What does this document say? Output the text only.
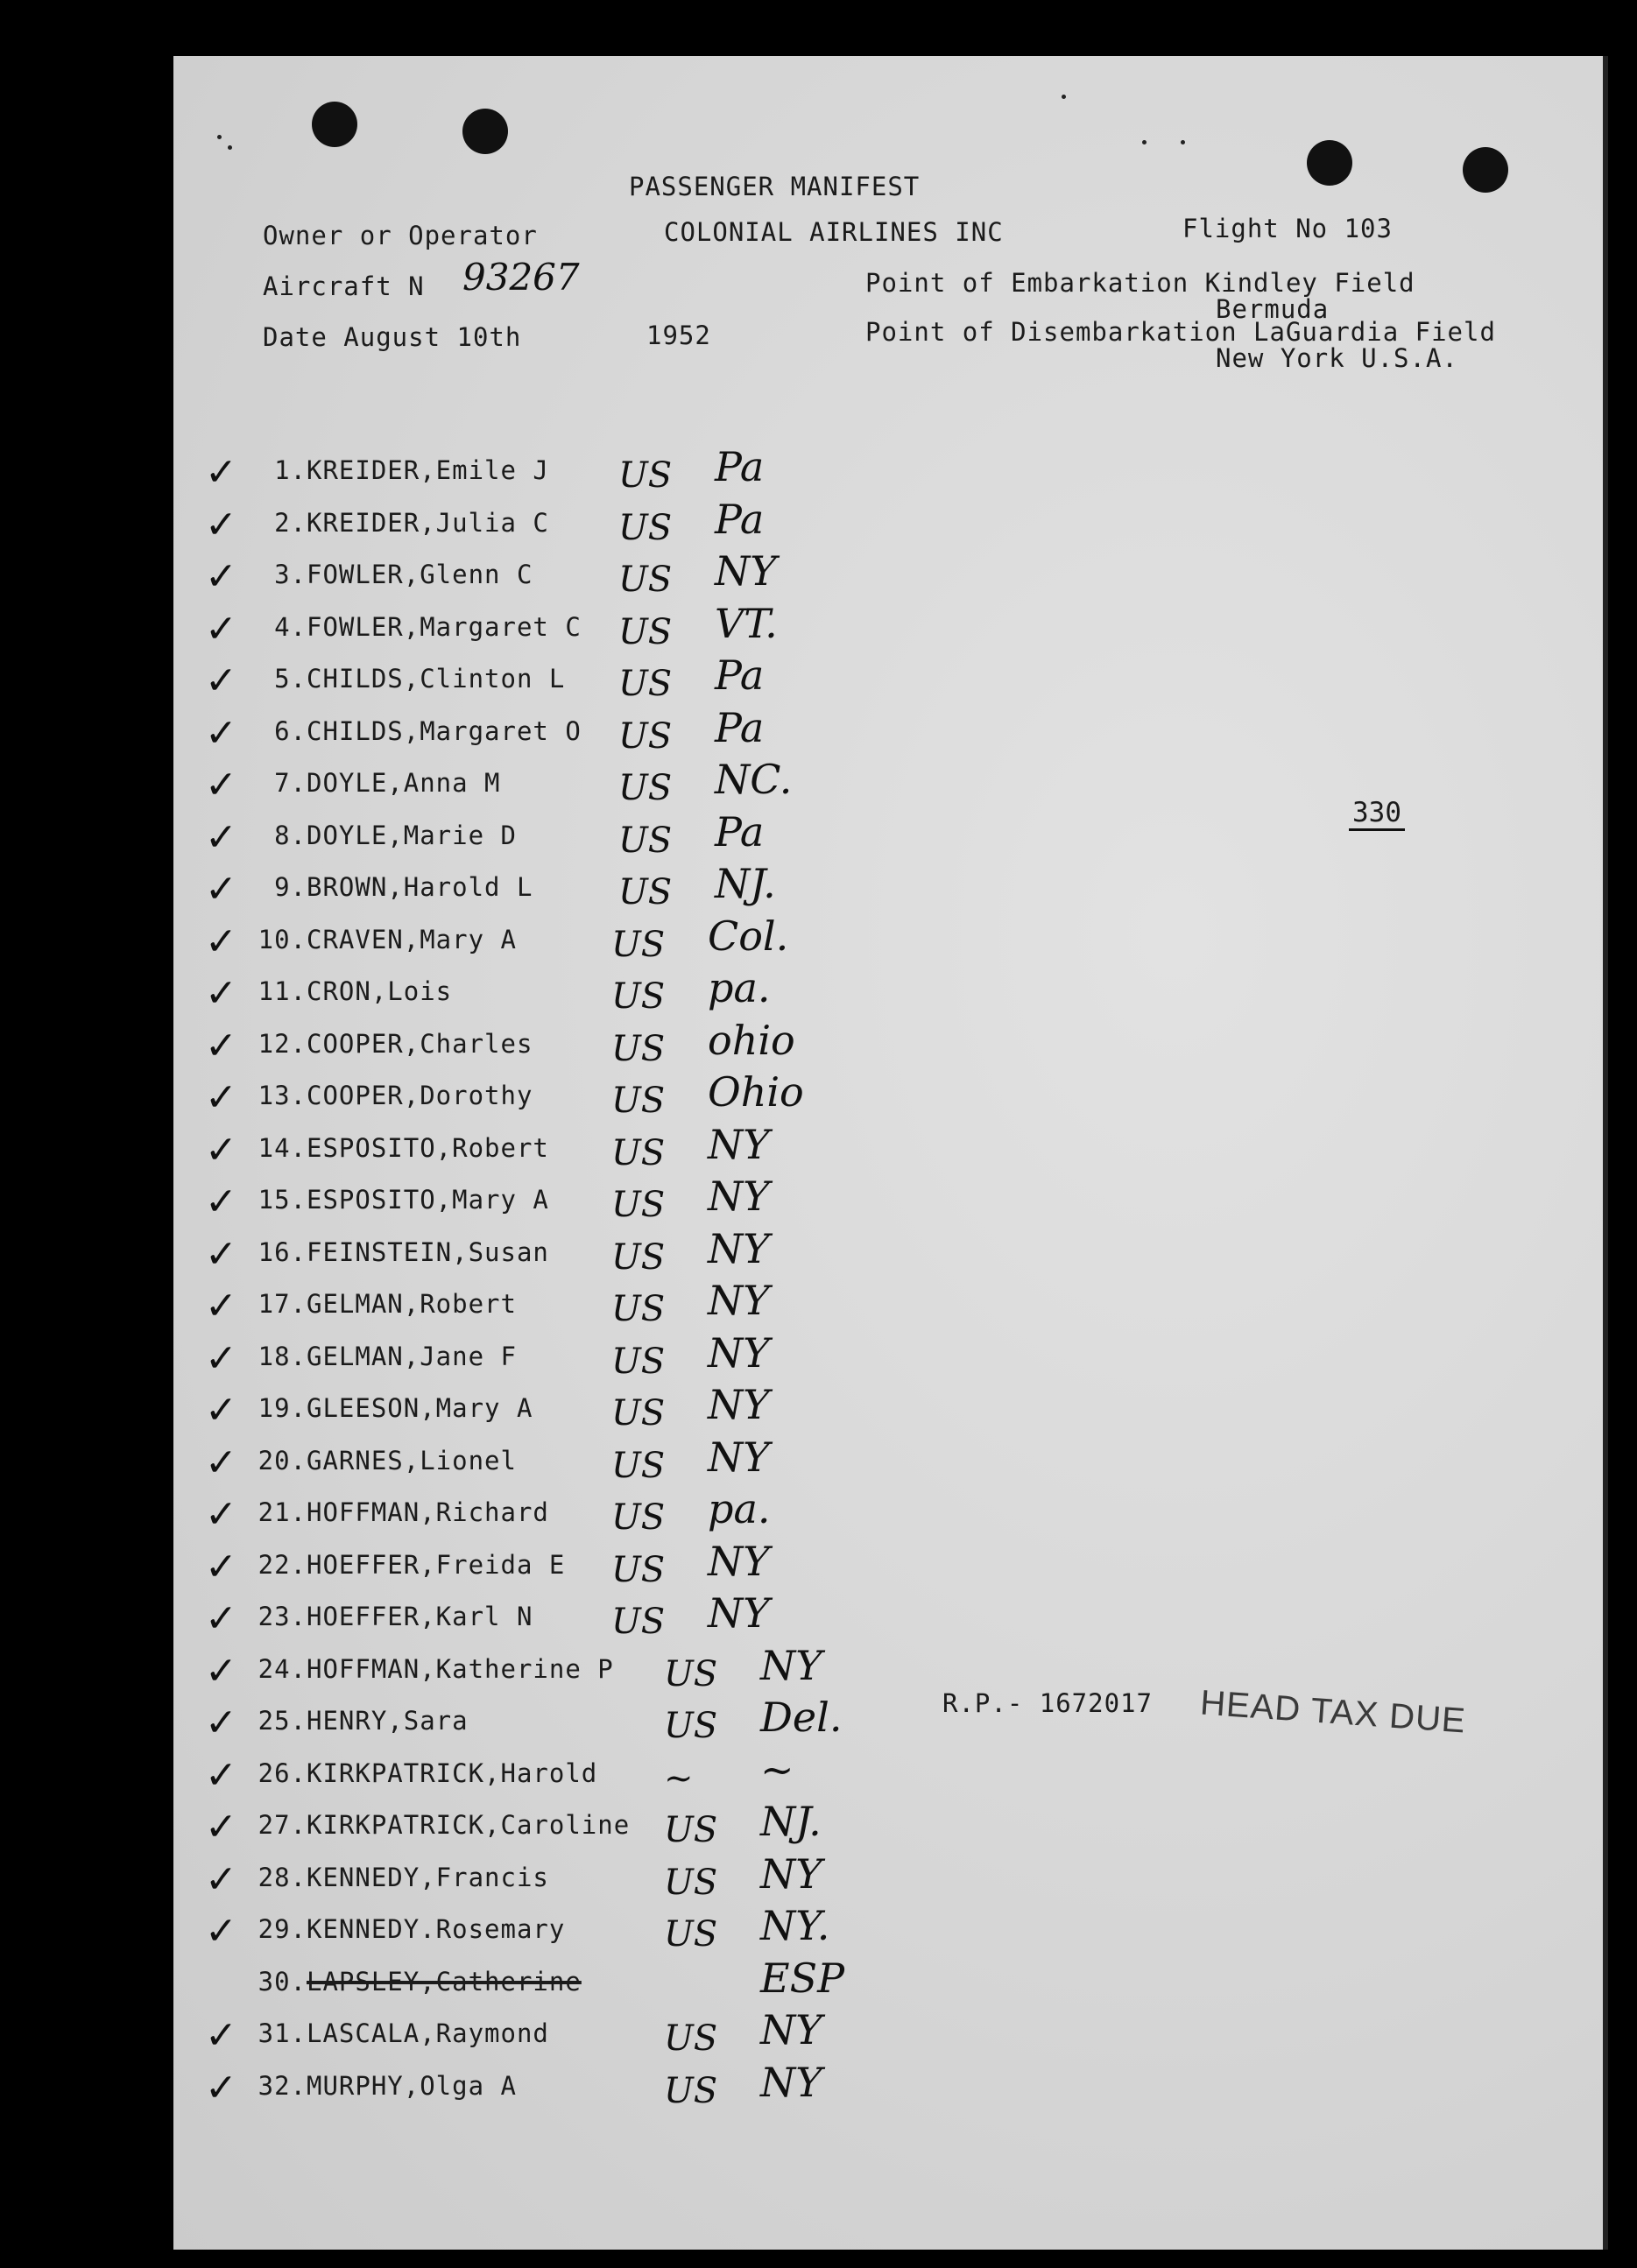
PASSENGER MANIFEST
Owner or Operator	COLONIAL AIRLINES INC	Flight No 103
Aircraft N 93267	Point of Embarkation Kindley Field
Bermuda
Date August 10th	1952	Point of Disembarkation LaGuardia Field
New York U.S.A.
✓	1. KREIDER,Emile J US Pa
✓	2. KREIDER,Julia C US Pa
✓	3. FOWLER,Glenn C US NY
✓	4. FOWLER,Margaret C US VT.
✓	5. CHILDS,Clinton L US Pa
✓	6. CHILDS,Margaret O US Pa
✓	7. DOYLE,Anna M	US NC.
✓	8. DOYLE,Marie D	US Pa
✓	9. BROWN,Harold L US NJ.
✓ 10. CRAVEN,Mary A	US Col.
✓ 11. CRON,Lois	US pa.
✓ 12. COOPER,Charles US ohio
✓ 13. COOPER,Dorothy US Ohio
✓ 14. ESPOSITO,Robert US NY
✓ 15. ESPOSITO,Mary A US NY
✓ 16. FEINSTEIN,Susan US NY
✓ 17. GELMAN,Robert	US NY
✓ 18. GELMAN,Jane F	US NY
✓ 19. GLEESON,Mary A US NY
✓ 20. GARNES,Lionel	US NY
✓ 21. HOFFMAN,Richard US pa.
✓ 22. HOEFFER,Freida E US NY
✓ 23. HOEFFER,Karl N US NY
✓ 24. HOFFMAN,Katherine P US NY
✓ 25. HENRY,Sara	US Del.
✓ 26. KIRKPATRICK,Harold ~ ~
✓ 27. KIRKPATRICK,Caroline US NJ.
✓ 28. KENNEDY,Francis	US NY
✓ 29. KENNEDY.Rosemary	US NY.
30. LAPSLEY,Catherine	ESP
✓ 31. LASCALA,Raymond	US NY
✓ 32. MURPHY,Olga A	US NY
330
R.P.- 1672017 HEAD TAX DUE
